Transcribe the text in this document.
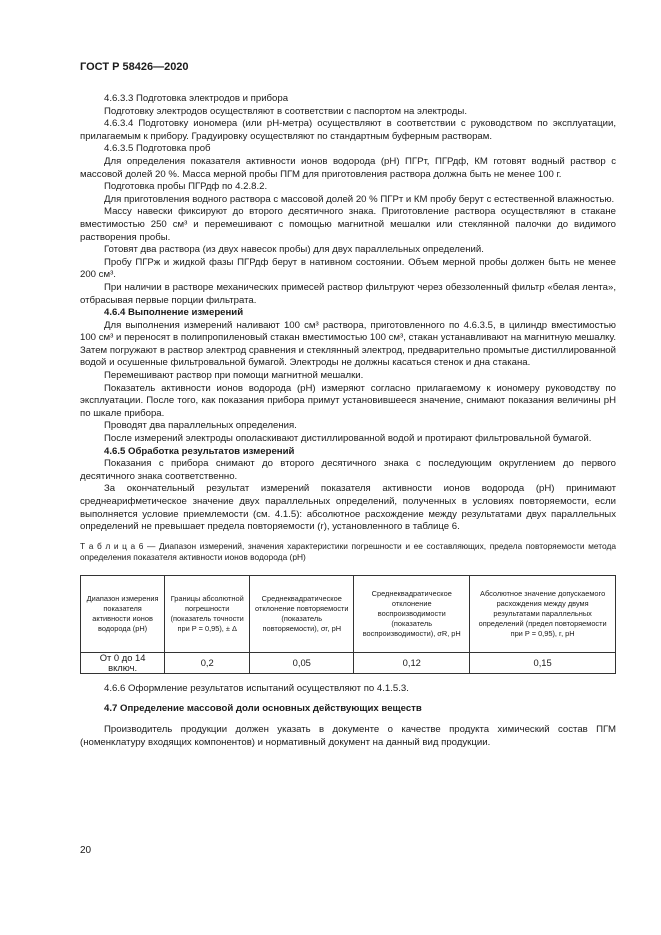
ГОСТ Р 58426—2020

4.6.3.3 Подготовка электродов и прибора

Подготовку электродов осуществляют в соответствии с паспортом на электроды.

4.6.3.4 Подготовку иономера (или pH-метра) осуществляют в соответствии с руководством по эксплуатации, прилагаемым к прибору. Градуировку осуществляют по стандартным буферным растворам.

4.6.3.5 Подготовка проб

Для определения показателя активности ионов водорода (pH) ПГРт, ПГРдф, КМ готовят водный раствор с массовой долей 20 %. Масса мерной пробы ПГМ для приготовления раствора должна быть не менее 100 г.

Подготовка пробы ПГРдф по 4.2.8.2.

Для приготовления водного раствора с массовой долей 20 % ПГРт и КМ пробу берут с естественной влажностью.

Массу навески фиксируют до второго десятичного знака. Приготовление раствора осуществляют в стакане вместимостью 250 см³ и перемешивают с помощью магнитной мешалки или стеклянной палочки до видимого растворения пробы.

Готовят два раствора (из двух навесок пробы) для двух параллельных определений.

Пробу ПГРж и жидкой фазы ПГРдф берут в нативном состоянии. Объем мерной пробы должен быть не менее 200 см³.

При наличии в растворе механических примесей раствор фильтруют через обеззоленный фильтр «белая лента», отбрасывая первые порции фильтрата.

4.6.4 Выполнение измерений

Для выполнения измерений наливают 100 см³ раствора, приготовленного по 4.6.3.5, в цилиндр вместимостью 100 см³ и переносят в полипропиленовый стакан вместимостью 100 см³, стакан устанавливают на магнитную мешалку. Затем погружают в раствор электрод сравнения и стеклянный электрод, предварительно промытые дистиллированной водой и осушенные фильтровальной бумагой. Электроды не должны касаться стенок и дна стакана.

Перемешивают раствор при помощи магнитной мешалки.

Показатель активности ионов водорода (pH) измеряют согласно прилагаемому к иономеру руководству по эксплуатации. После того, как показания прибора примут установившееся значение, снимают показания величины pH по шкале прибора.

Проводят два параллельных определения.

После измерений электроды ополаскивают дистиллированной водой и протирают фильтровальной бумагой.

4.6.5 Обработка результатов измерений

Показания с прибора снимают до второго десятичного знака с последующим округлением до первого десятичного знака соответственно.

За окончательный результат измерений показателя активности ионов водорода (pH) принимают среднеарифметическое значение двух параллельных определений, полученных в условиях повторяемости, если выполняется условие приемлемости (см. 4.1.5): абсолютное расхождение между результатами двух параллельных определений не превышает предела повторяемости (r), установленного в таблице 6.

Т а б л и ц а 6 — Диапазон измерений, значения характеристики погрешности и ее составляющих, предела повторяемости метода определения показателя активности ионов водорода (pH)

Диапазон измерения показателя активности ионов водорода (pH)	Границы абсолютной погрешности (показатель точности при P = 0,95), ± Δ	Среднеквадратическое отклонение повторяемости (показатель повторяемости), σr, pH	Среднеквадратическое отклонение воспроизводимости (показатель воспроизводимости), σR, pH	Абсолютное значение допускаемого расхождения между двумя результатами параллельных определений (предел повторяемости при P = 0,95), r, pH
От 0 до 14 включ.	0,2	0,05	0,12	0,15

4.6.6 Оформление результатов испытаний осуществляют по 4.1.5.3.

4.7 Определение массовой доли основных действующих веществ

Производитель продукции должен указать в документе о качестве продукта химический состав ПГМ (номенклатуру входящих компонентов) и нормативный документ на данный вид продукции.

20
